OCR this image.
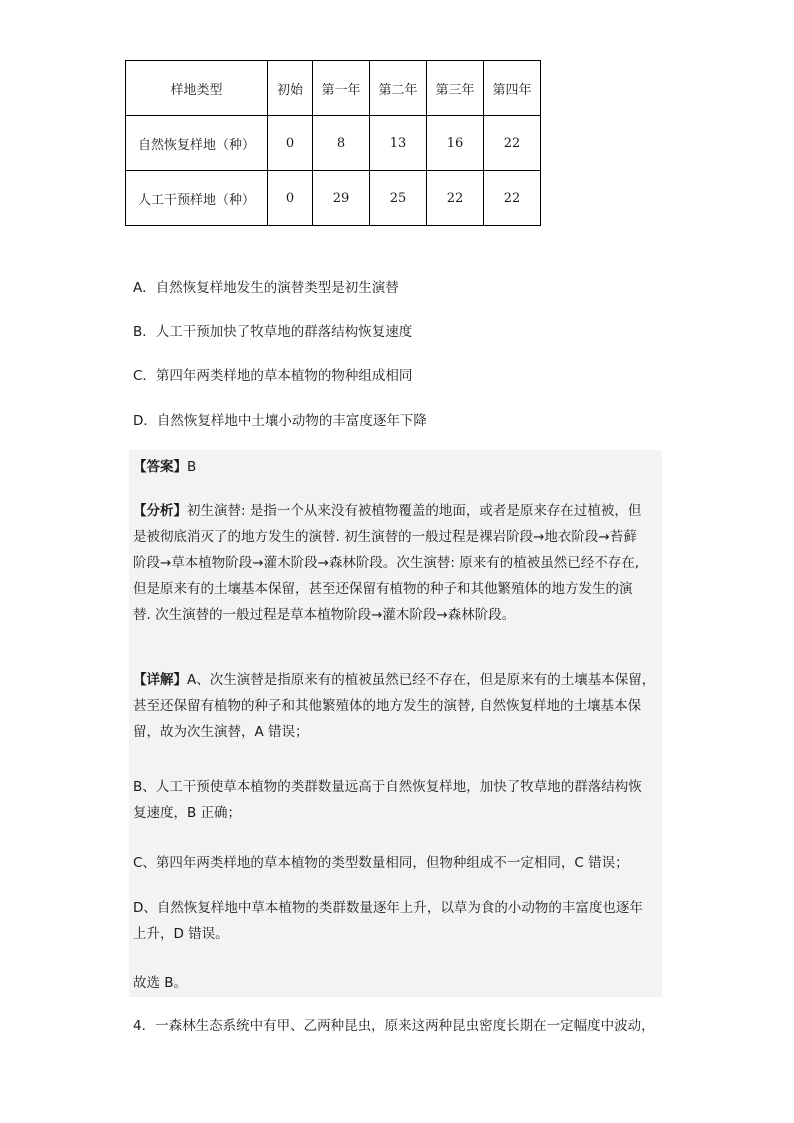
样地类型	初始	第一年	第二年	第三年	第四年
自然恢复样地（种）	0	8	13	16	22
人工干预样地（种）	0	29	25	22	22
A．自然恢复样地发生的演替类型是初生演替
B．人工干预加快了牧草地的群落结构恢复速度
C．第四年两类样地的草本植物的物种组成相同
D．自然恢复样地中土壤小动物的丰富度逐年下降
【答案】B
【分析】初生演替: 是指一个从来没有被植物覆盖的地面，或者是原来存在过植被，但
是被彻底消灭了的地方发生的演替. 初生演替的一般过程是裸岩阶段→地衣阶段→苔藓
阶段→草本植物阶段→灌木阶段→森林阶段。次生演替: 原来有的植被虽然已经不存在,
但是原来有的土壤基本保留，甚至还保留有植物的种子和其他繁殖体的地方发生的演
替. 次生演替的一般过程是草本植物阶段→灌木阶段→森林阶段。
【详解】A、次生演替是指原来有的植被虽然已经不存在，但是原来有的土壤基本保留，
甚至还保留有植物的种子和其他繁殖体的地方发生的演替, 自然恢复样地的土壤基本保
留，故为次生演替，A 错误；
B、人工干预使草本植物的类群数量远高于自然恢复样地，加快了牧草地的群落结构恢
复速度，B 正确；
C、第四年两类样地的草本植物的类型数量相同，但物种组成不一定相同，C 错误；
D、自然恢复样地中草本植物的类群数量逐年上升，以草为食的小动物的丰富度也逐年
上升，D 错误。
故选 B。
4．一森林生态系统中有甲、乙两种昆虫，原来这两种昆虫密度长期在一定幅度中波动，
